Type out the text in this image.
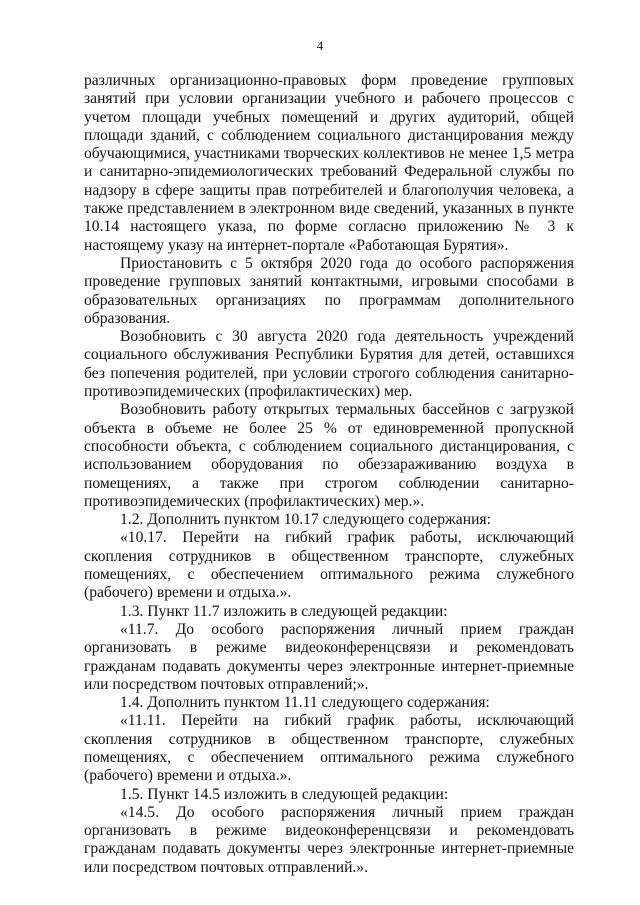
4

различных организационно-правовых форм проведение групповых занятий при условии организации учебного и рабочего процессов с учетом площади учебных помещений и других аудиторий, общей площади зданий, с соблюдением социального дистанцирования между обучающимися, участниками творческих коллективов не менее 1,5 метра и санитарно-эпидемиологических требований Федеральной службы по надзору в сфере защиты прав потребителей и благополучия человека, а также представлением в электронном виде сведений, указанных в пункте 10.14 настоящего указа, по форме согласно приложению № 3 к настоящему указу на интернет-портале «Работающая Бурятия».

Приостановить с 5 октября 2020 года до особого распоряжения проведение групповых занятий контактными, игровыми способами в образовательных организациях по программам дополнительного образования.

Возобновить с 30 августа 2020 года деятельность учреждений социального обслуживания Республики Бурятия для детей, оставшихся без попечения родителей, при условии строгого соблюдения санитарно-противоэпидемических (профилактических) мер.

Возобновить работу открытых термальных бассейнов с загрузкой объекта в объеме не более 25 % от единовременной пропускной способности объекта, с соблюдением социального дистанцирования, с использованием оборудования по обеззараживанию воздуха в помещениях, а также при строгом соблюдении санитарно-противоэпидемических (профилактических) мер.».

1.2. Дополнить пунктом 10.17 следующего содержания:

«10.17. Перейти на гибкий график работы, исключающий скопления сотрудников в общественном транспорте, служебных помещениях, с обеспечением оптимального режима служебного (рабочего) времени и отдыха.».

1.3. Пункт 11.7 изложить в следующей редакции:

«11.7. До особого распоряжения личный прием граждан организовать в режиме видеоконференцсвязи и рекомендовать гражданам подавать документы через электронные интернет-приемные или посредством почтовых отправлений;».

1.4. Дополнить пунктом 11.11 следующего содержания:

«11.11. Перейти на гибкий график работы, исключающий скопления сотрудников в общественном транспорте, служебных помещениях, с обеспечением оптимального режима служебного (рабочего) времени и отдыха.».

1.5. Пункт 14.5 изложить в следующей редакции:

«14.5. До особого распоряжения личный прием граждан организовать в режиме видеоконференцсвязи и рекомендовать гражданам подавать документы через электронные интернет-приемные или посредством почтовых отправлений.».
